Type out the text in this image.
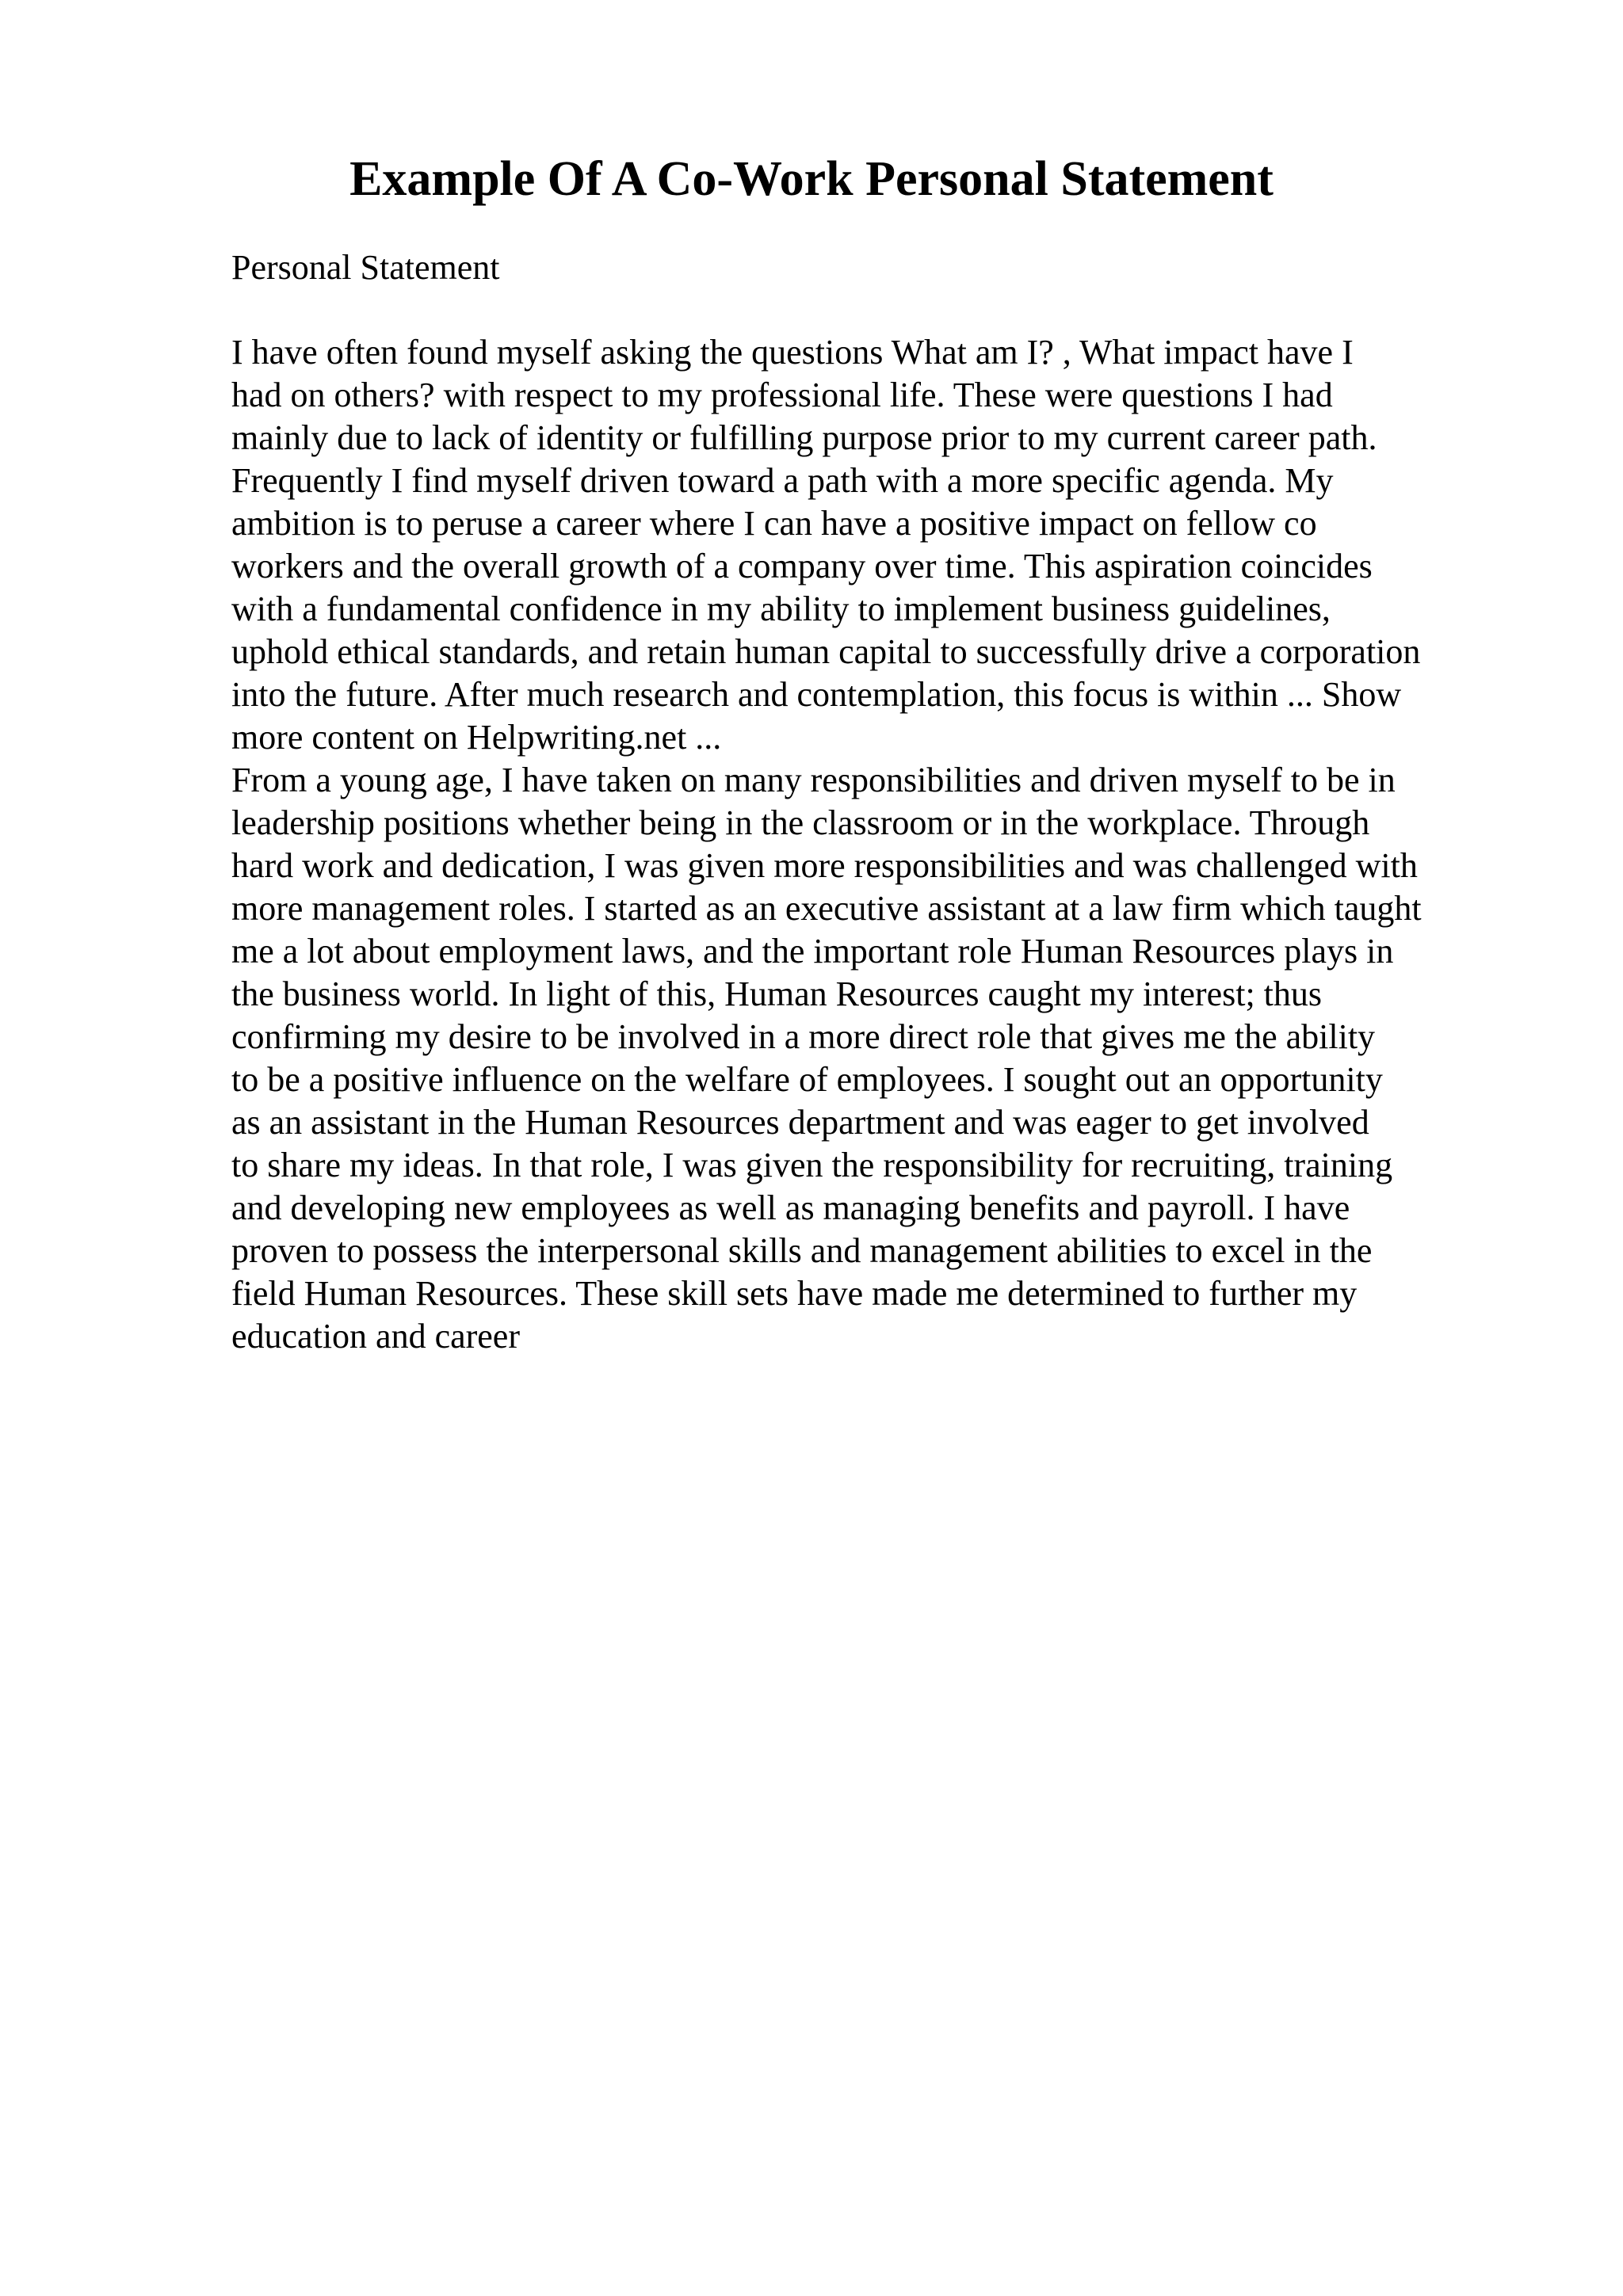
Example Of A Co-Work Personal Statement

Personal Statement

I have often found myself asking the questions What am I? , What impact have I
had on others? with respect to my professional life. These were questions I had
mainly due to lack of identity or fulfilling purpose prior to my current career path.
Frequently I find myself driven toward a path with a more specific agenda. My
ambition is to peruse a career where I can have a positive impact on fellow co
workers and the overall growth of a company over time. This aspiration coincides
with a fundamental confidence in my ability to implement business guidelines,
uphold ethical standards, and retain human capital to successfully drive a corporation
into the future. After much research and contemplation, this focus is within ... Show
more content on Helpwriting.net ...
From a young age, I have taken on many responsibilities and driven myself to be in
leadership positions whether being in the classroom or in the workplace. Through
hard work and dedication, I was given more responsibilities and was challenged with
more management roles. I started as an executive assistant at a law firm which taught
me a lot about employment laws, and the important role Human Resources plays in
the business world. In light of this, Human Resources caught my interest; thus
confirming my desire to be involved in a more direct role that gives me the ability
to be a positive influence on the welfare of employees. I sought out an opportunity
as an assistant in the Human Resources department and was eager to get involved
to share my ideas. In that role, I was given the responsibility for recruiting, training
and developing new employees as well as managing benefits and payroll. I have
proven to possess the interpersonal skills and management abilities to excel in the
field Human Resources. These skill sets have made me determined to further my
education and career
